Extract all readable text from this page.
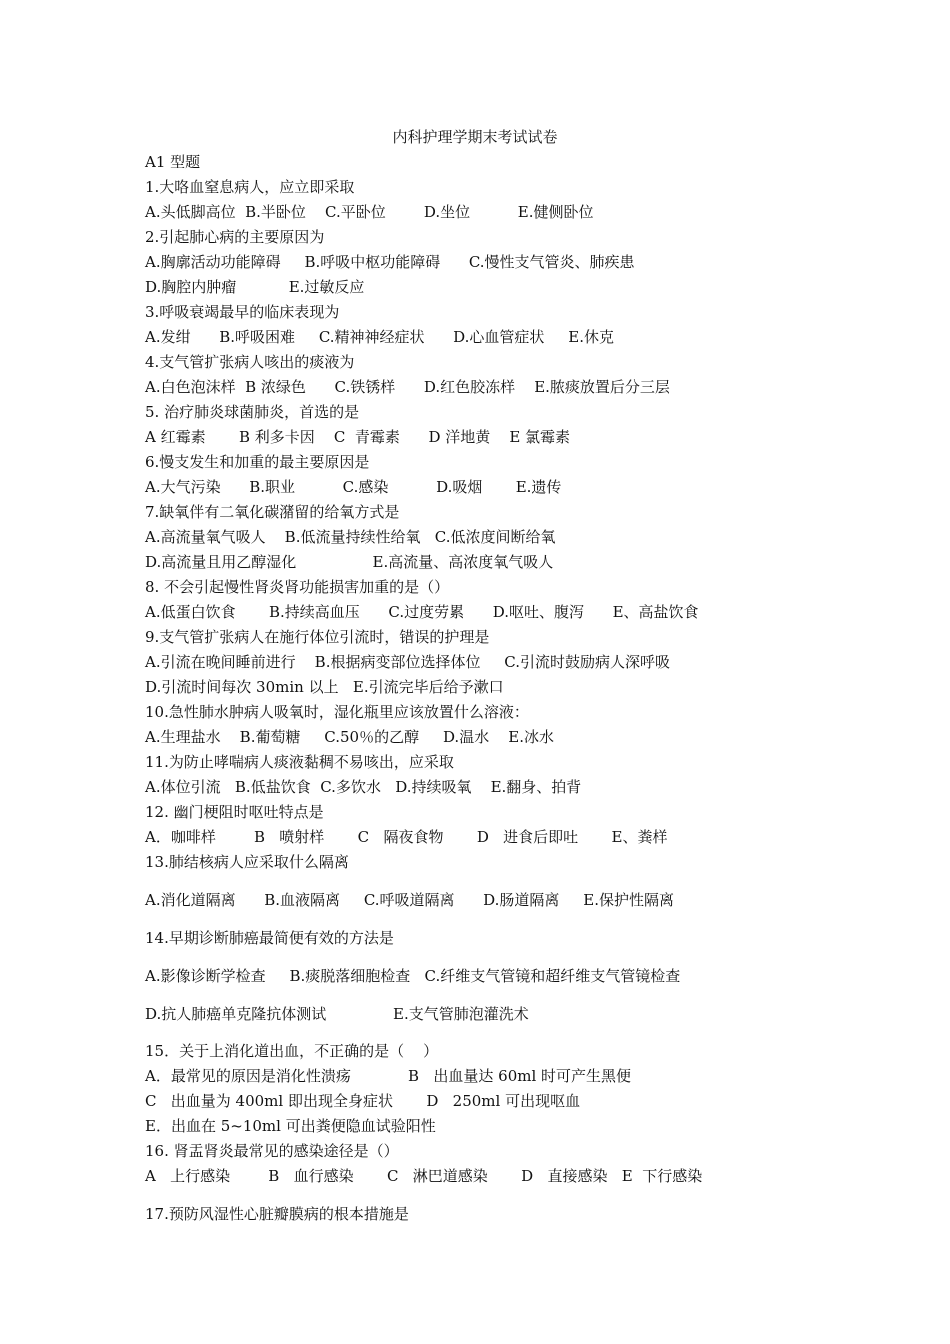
内科护理学期末考试试卷
A1 型题
1.大咯血窒息病人，应立即采取
A.头低脚高位  B.半卧位    C.平卧位        D.坐位          E.健侧卧位
2.引起肺心病的主要原因为
A.胸廓活动功能障碍     B.呼吸中枢功能障碍      C.慢性支气管炎、肺疾患
D.胸腔内肿瘤           E.过敏反应
3.呼吸衰竭最早的临床表现为
A.发绀      B.呼吸困难     C.精神神经症状      D.心血管症状     E.休克
4.支气管扩张病人咳出的痰液为
A.白色泡沫样  B 浓绿色      C.铁锈样      D.红色胶冻样    E.脓痰放置后分三层
5. 治疗肺炎球菌肺炎，首选的是
A 红霉素       B 利多卡因    C  青霉素      D 洋地黄    E 氯霉素
6.慢支发生和加重的最主要原因是
A.大气污染      B.职业          C.感染          D.吸烟       E.遗传
7.缺氧伴有二氧化碳潴留的给氧方式是
A.高流量氧气吸人    B.低流量持续性给氧   C.低浓度间断给氧
D.高流量且用乙醇湿化                E.高流量、高浓度氧气吸人
8. 不会引起慢性肾炎肾功能损害加重的是（）
A.低蛋白饮食       B.持续高血压      C.过度劳累      D.呕吐、腹泻      E、高盐饮食
9.支气管扩张病人在施行体位引流时，错误的护理是
A.引流在晚间睡前进行    B.根据病变部位选择体位     C.引流时鼓励病人深呼吸
D.引流时间每次 30min 以上   E.引流完毕后给予漱口
10.急性肺水肿病人吸氧时，湿化瓶里应该放置什么溶液：
A.生理盐水    B.葡萄糖     C.50％的乙醇     D.温水    E.冰水
11.为防止哮喘病人痰液黏稠不易咳出，应采取
A.体位引流   B.低盐饮食  C.多饮水   D.持续吸氧    E.翻身、拍背
12. 幽门梗阻时呕吐特点是
A．咖啡样        B   喷射样       C   隔夜食物       D   进食后即吐       E、粪样
13.肺结核病人应采取什么隔离
A.消化道隔离      B.血液隔离     C.呼吸道隔离      D.肠道隔离     E.保护性隔离
14.早期诊断肺癌最简便有效的方法是
A.影像诊断学检查     B.痰脱落细胞检查   C.纤维支气管镜和超纤维支气管镜检查
D.抗人肺癌单克隆抗体测试              E.支气管肺泡灌洗术
15．关于上消化道出血，不正确的是（    ）
A．最常见的原因是消化性溃疡            B   出血量达 60ml 时可产生黑便
C   出血量为 400ml 即出现全身症状       D   250ml 可出现呕血
E．出血在 5~10ml 可出粪便隐血试验阳性
16. 肾盂肾炎最常见的感染途径是（）
A   上行感染        B   血行感染       C   淋巴道感染       D   直接感染   E  下行感染
17.预防风湿性心脏瓣膜病的根本措施是
